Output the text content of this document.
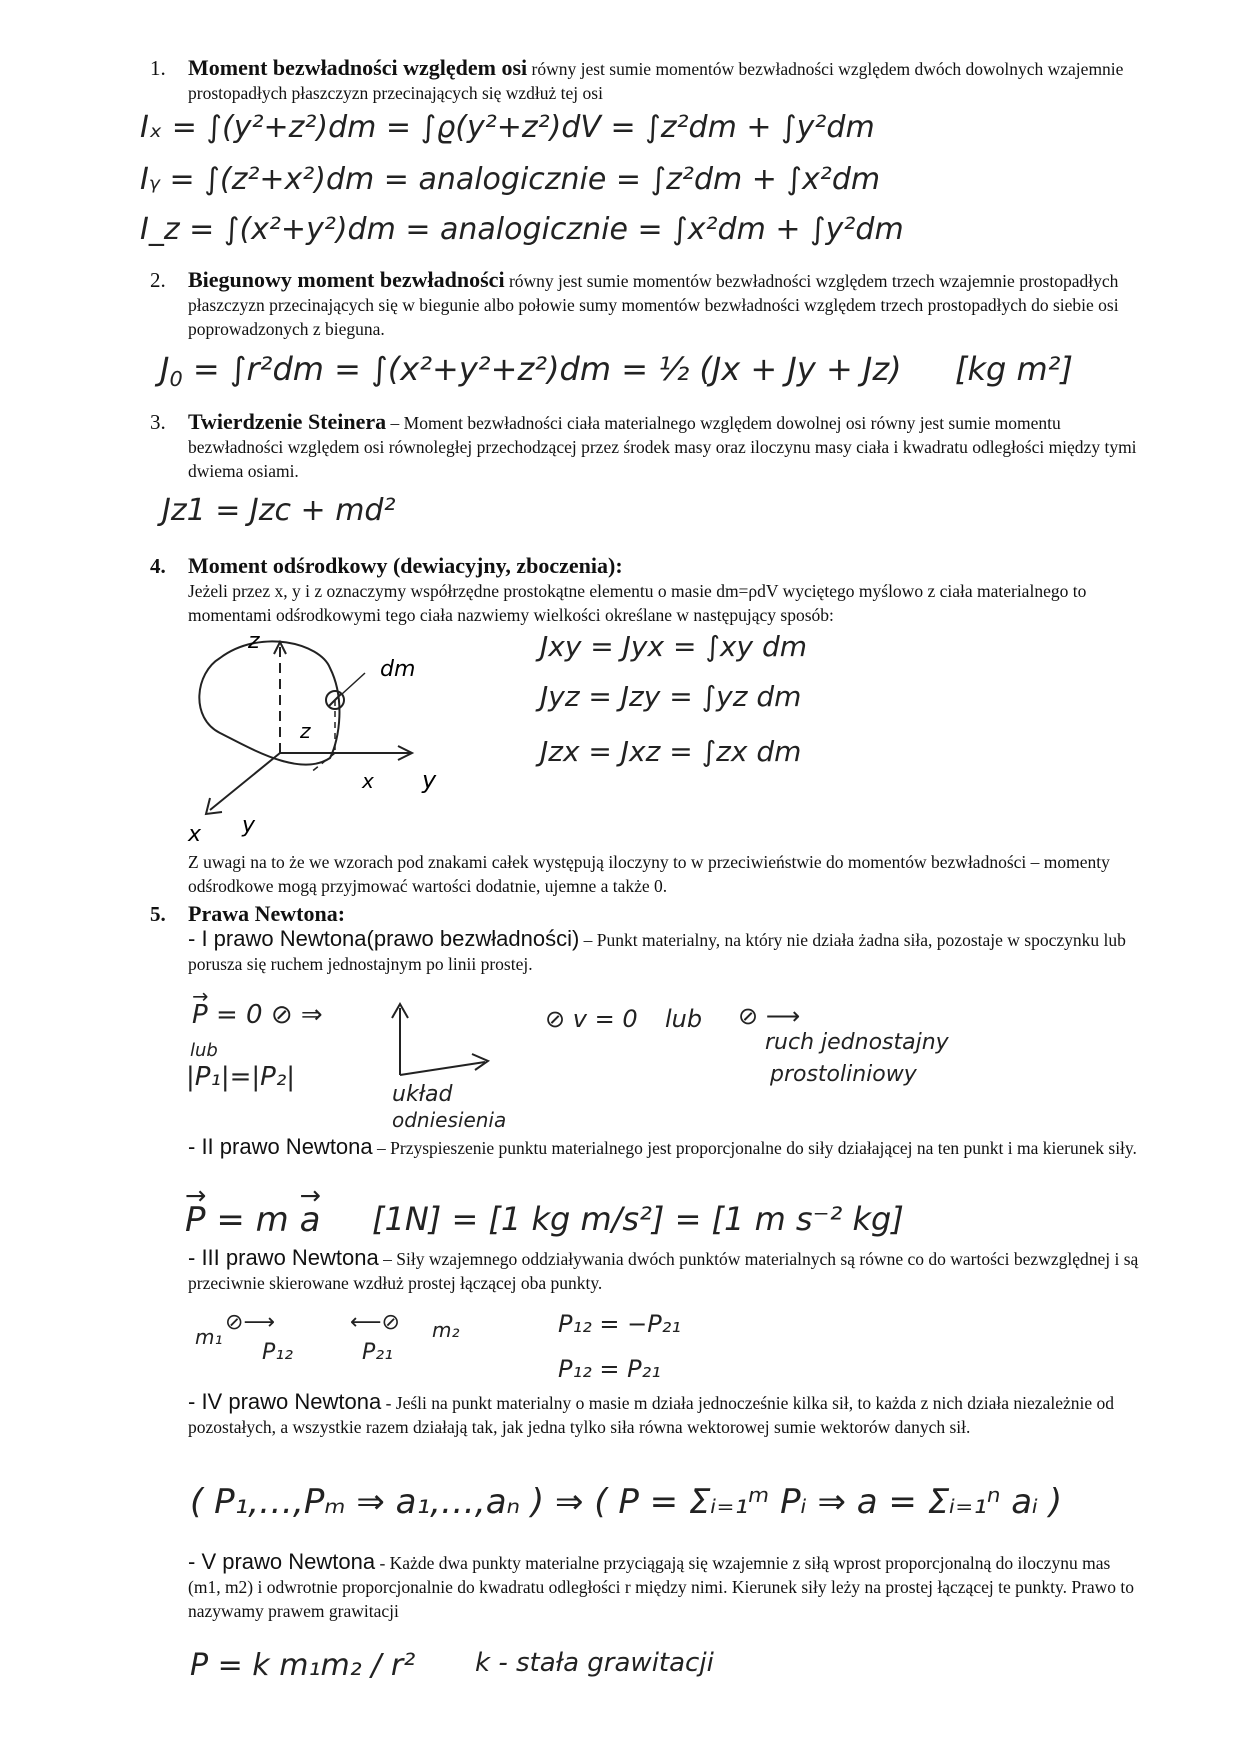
1. Moment bezwładności względem osi równy jest sumie momentów bezwładności względem dwóch dowolnych wzajemnie prostopadłych płaszczyzn przecinających się wzdłuż tej osi
Iₓ = ∫(y²+z²)dm = ∫ϱ(y²+z²)dV = ∫z²dm + ∫y²dm
Iᵧ = ∫(z²+x²)dm = analogicznie = ∫z²dm + ∫x²dm
I_z = ∫(x²+y²)dm = analogicznie = ∫x²dm + ∫y²dm
2. Biegunowy moment bezwładności równy jest sumie momentów bezwładności względem trzech wzajemnie prostopadłych płaszczyzn przecinających się w biegunie albo połowie sumy momentów bezwładności względem trzech prostopadłych do siebie osi poprowadzonych z bieguna.
$J_0 = \int r^2dm = \int(x^2+y^2+z^2)dm$ = ½ (Jx + Jy + Jz) [kg m²]
3. Twierdzenie Steinera – Moment bezwładności ciała materialnego względem dowolnej osi równy jest sumie momentu bezwładności względem osi równoległej przechodzącej przez środek masy oraz iloczynu masy ciała i kwadratu odległości między tymi dwiema osiami.
Jz1 = Jzc + md²
4. Moment odśrodkowy (dewiacyjny, zboczenia):
Jeżeli przez x, y i z oznaczymy współrzędne prostokątne elementu o masie dm=ρdV wyciętego myślowo z ciała materialnego to momentami odśrodkowymi tego ciała nazwiemy wielkości określane w następujący sposób:
z
dm
z
y
x
y
x
Jxy = Jyx = ∫xy dm
Jyz = Jzy = ∫yz dm
Jzx = Jxz = ∫zx dm
Z uwagi na to że we wzorach pod znakami całek występują iloczyny to w przeciwieństwie do momentów bezwładności – momenty odśrodkowe mogą przyjmować wartości dodatnie, ujemne a także 0.
5. Prawa Newtona:
- I prawo Newtona(prawo bezwładności) – Punkt materialny, na który nie działa żadna siła, pozostaje w spoczynku lub porusza się ruchem jednostajnym po linii prostej.
→ P = 0 ⊘ ⇒
lub
|P₁|=|P₂|
układ
odniesienia
⊘ v = 0 lub ⊘ ⟶
ruch jednostajny
prostoliniowy
- II prawo Newtona – Przyspieszenie punktu materialnego jest proporcjonalne do siły działającej na ten punkt i ma kierunek siły.
→ P = m → a [1N] = [1 kg m/s²] = [1 m s⁻² kg]
- III prawo Newtona – Siły wzajemnego oddziaływania dwóch punktów materialnych są równe co do wartości bezwzględnej i są przeciwnie skierowane wzdłuż prostej łączącej oba punkty.
m₁
⊘⟶
P₁₂
⟵⊘ m₂
P₂₁
P₁₂ = −P₂₁
P₁₂ = P₂₁
- IV prawo Newtona - Jeśli na punkt materialny o masie m działa jednocześnie kilka sił, to każda z nich działa niezależnie od pozostałych, a wszystkie razem działają tak, jak jedna tylko siła równa wektorowej sumie wektorów danych sił.
( P₁,…,Pₘ ⇒ a₁,…,aₙ ) ⇒ ( P = Σᵢ₌₁ᵐ Pᵢ ⇒ a = Σᵢ₌₁ⁿ aᵢ )
- V prawo Newtona - Każde dwa punkty materialne przyciągają się wzajemnie z siłą wprost proporcjonalną do iloczynu mas (m1, m2) i odwrotnie proporcjonalnie do kwadratu odległości r między nimi. Kierunek siły leży na prostej łączącej te punkty. Prawo to nazywamy prawem grawitacji
P = k m₁m₂ / r² k - stała grawitacji
